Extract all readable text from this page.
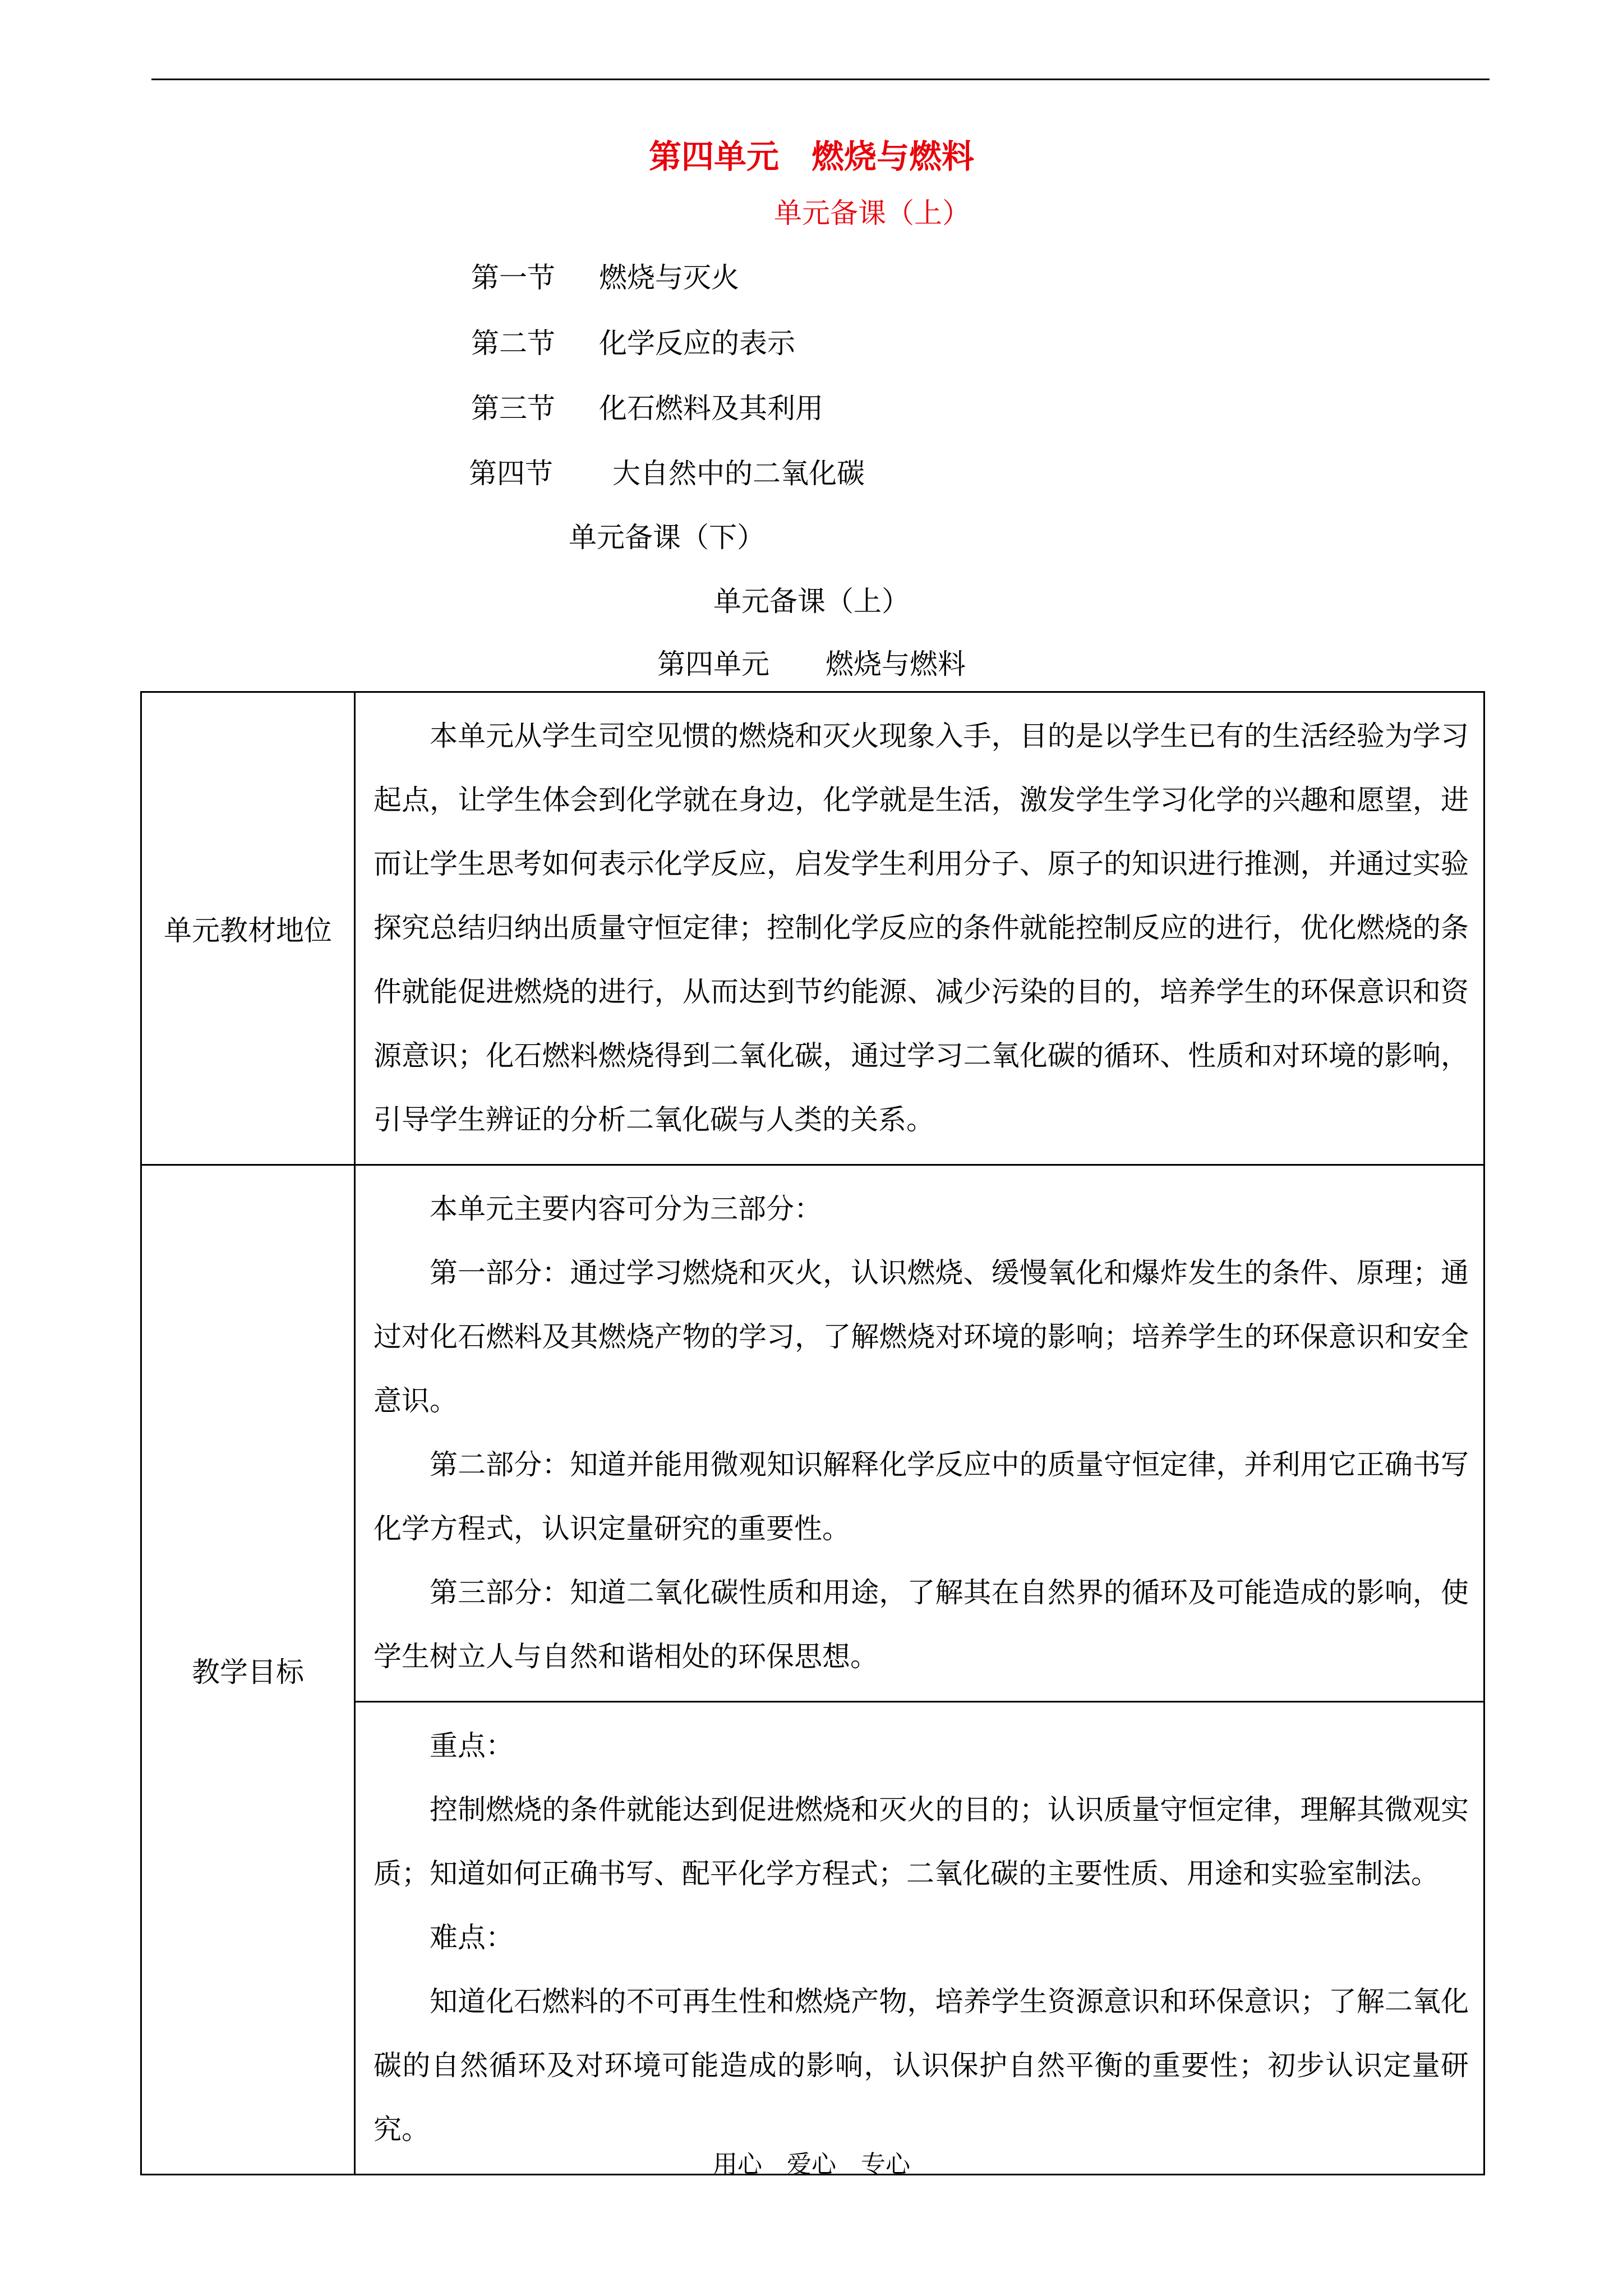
第四单元　燃烧与燃料
单元备课（上）
第一节 燃烧与灭火
第二节 化学反应的表示
第三节 化石燃料及其利用
第四节 大自然中的二氧化碳
单元备课（下）
单元备课（上）
第四单元　　燃烧与燃料
单元教材地位	本单元从学生司空见惯的燃烧和灭火现象入手，目的是以学生已有的生活经验为学习起点，让学生体会到化学就在身边，化学就是生活，激发学生学习化学的兴趣和愿望，进而让学生思考如何表示化学反应，启发学生利用分子、原子的知识进行推测，并通过实验探究总结归纳出质量守恒定律；控制化学反应的条件就能控制反应的进行，优化燃烧的条件就能促进燃烧的进行，从而达到节约能源、减少污染的目的，培养学生的环保意识和资源意识；化石燃料燃烧得到二氧化碳，通过学习二氧化碳的循环、性质和对环境的影响，引导学生辨证的分析二氧化碳与人类的关系。

教学目标	本单元主要内容可分为三部分：
第一部分：通过学习燃烧和灭火，认识燃烧、缓慢氧化和爆炸发生的条件、原理；通过对化石燃料及其燃烧产物的学习，了解燃烧对环境的影响；培养学生的环保意识和安全意识。
第二部分：知道并能用微观知识解释化学反应中的质量守恒定律，并利用它正确书写化学方程式，认识定量研究的重要性。
第三部分：知道二氧化碳性质和用途，了解其在自然界的循环及可能造成的影响，使学生树立人与自然和谐相处的环保思想。

	重点：
控制燃烧的条件就能达到促进燃烧和灭火的目的；认识质量守恒定律，理解其微观实质；知道如何正确书写、配平化学方程式；二氧化碳的主要性质、用途和实验室制法。
难点：
知道化石燃料的不可再生性和燃烧产物，培养学生资源意识和环保意识；了解二氧化碳的自然循环及对环境可能造成的影响，认识保护自然平衡的重要性；初步认识定量研究。
用心　爱心　专心
